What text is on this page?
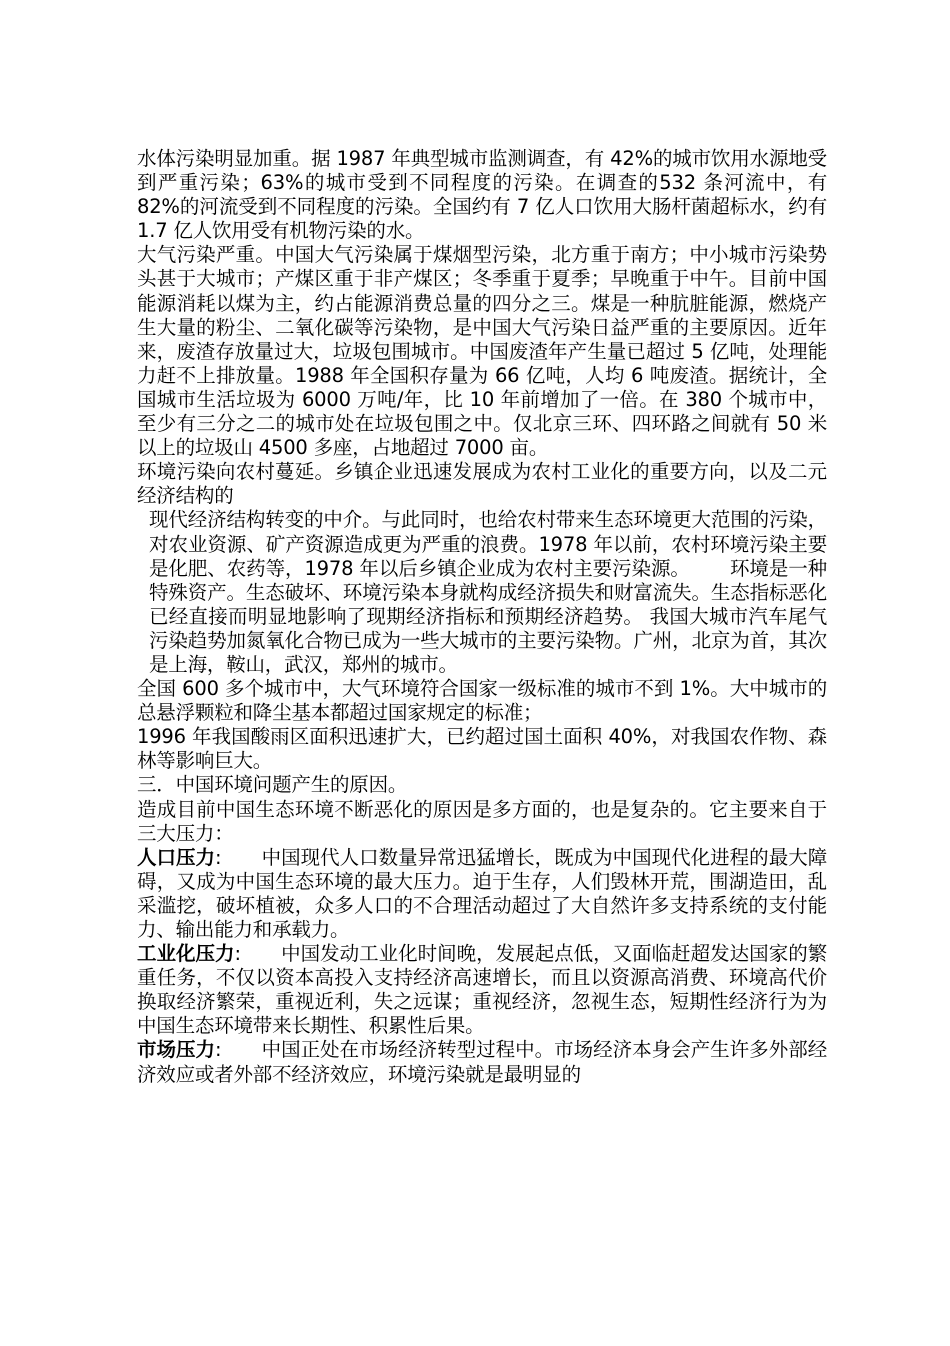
水体污染明显加重。据 1987 年典型城市监测调查，有 42%的城市饮用水源地受到严重污染；63%的城市受到不同程度的污染。在调查的532 条河流中，有 82%的河流受到不同程度的污染。全国约有 7 亿人口饮用大肠杆菌超标水，约有 1.7 亿人饮用受有机物污染的水。

大气污染严重。中国大气污染属于煤烟型污染，北方重于南方；中小城市污染势头甚于大城市；产煤区重于非产煤区；冬季重于夏季；早晚重于中午。目前中国能源消耗以煤为主，约占能源消费总量的四分之三。煤是一种肮脏能源，燃烧产生大量的粉尘、二氧化碳等污染物，是中国大气污染日益严重的主要原因。近年来，废渣存放量过大，垃圾包围城市。中国废渣年产生量已超过 5 亿吨，处理能力赶不上排放量。1988 年全国积存量为 66 亿吨，人均 6 吨废渣。据统计，全国城市生活垃圾为 6000 万吨/年，比 10 年前增加了一倍。在 380 个城市中，至少有三分之二的城市处在垃圾包围之中。仅北京三环、四环路之间就有 50 米以上的垃圾山 4500 多座，占地超过 7000 亩。

环境污染向农村蔓延。乡镇企业迅速发展成为农村工业化的重要方向，以及二元经济结构的

现代经济结构转变的中介。与此同时，也给农村带来生态环境更大范围的污染，对农业资源、矿产资源造成更为严重的浪费。1978 年以前，农村环境污染主要是化肥、农药等，1978 年以后乡镇企业成为农村主要污染源。 环境是一种特殊资产。生态破坏、环境污染本身就构成经济损失和财富流失。生态指标恶化已经直接而明显地影响了现期经济指标和预期经济趋势。 我国大城市汽车尾气污染趋势加氮氧化合物已成为一些大城市的主要污染物。广州，北京为首，其次是上海，鞍山，武汉，郑州的城市。

全国 600 多个城市中，大气环境符合国家一级标准的城市不到 1%。大中城市的总悬浮颗粒和降尘基本都超过国家规定的标准；

1996 年我国酸雨区面积迅速扩大，已约超过国土面积 40%，对我国农作物、森林等影响巨大。

三．中国环境问题产生的原因。

造成目前中国生态环境不断恶化的原因是多方面的，也是复杂的。它主要来自于三大压力：

人口压力: 中国现代人口数量异常迅猛增长，既成为中国现代化进程的最大障碍，又成为中国生态环境的最大压力。迫于生存，人们毁林开荒，围湖造田，乱采滥挖，破坏植被，众多人口的不合理活动超过了大自然许多支持系统的支付能力、输出能力和承载力。

工业化压力: 中国发动工业化时间晚，发展起点低，又面临赶超发达国家的繁重任务，不仅以资本高投入支持经济高速增长，而且以资源高消费、环境高代价换取经济繁荣，重视近利，失之远谋；重视经济，忽视生态，短期性经济行为为中国生态环境带来长期性、积累性后果。

市场压力: 中国正处在市场经济转型过程中。市场经济本身会产生许多外部经济效应或者外部不经济效应，环境污染就是最明显的
